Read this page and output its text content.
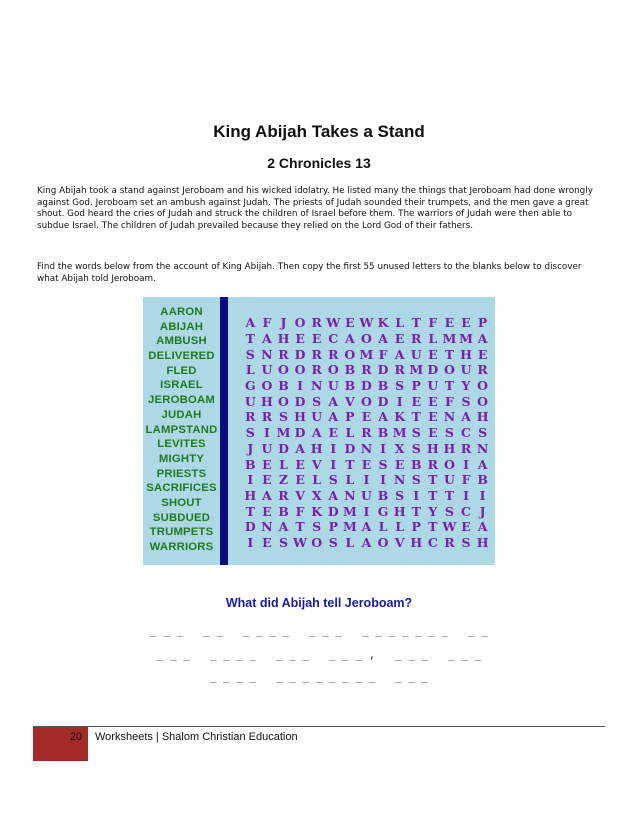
King Abijah Takes a Stand
2 Chronicles 13

King Abijah took a stand against Jeroboam and his wicked idolatry. He listed many the things that Jeroboam had done wrongly against God. Jeroboam set an ambush against Judah. The priests of Judah sounded their trumpets, and the men gave a great shout. God heard the cries of Judah and struck the children of Israel before them. The warriors of Judah were then able to subdue Israel. The children of Judah prevailed because they relied on the Lord God of their fathers.

Find the words below from the account of King Abijah. Then copy the first 55 unused letters to the blanks below to discover what Abijah told Jeroboam.

AARON
ABIJAH
AMBUSH
DELIVERED
FLED
ISRAEL
JEROBOAM
JUDAH
LAMPSTAND
LEVITES
MIGHTY
PRIESTS
SACRIFICES
SHOUT
SUBDUED
TRUMPETS
WARRIORS
A F J O R W E W K L T F E E P
T A H E E C A O A E R L M M A
S N R D R R O M F A U E T H E
L U O O R O B R D R M D O U R
G O B I N U B D B S P U T Y O
U H O D S A V O D I E E F S O
R R S H U A P E A K T E N A H
S I M D A E L R B M S E S C S
J U D A H I D N I X S H H R N
B E L E V I T E S E B R O I A
I E Z E L S L I I N S T U F B
H A R V X A N U B S I T T I I
T E B F K D M I G H T Y S C J
D N A T S P M A L L P T W E A
I E S W O S L A O V H C R S H
What did Abijah tell Jeroboam?
_ _ _   _ _   _ _ _ _   _ _ _   _ _ _ _ _ _ _   _ _
_ _ _   _ _ _ _   _ _ _   _ _ _ ,   _ _ _   _ _ _
_ _ _ _   _ _ _ _ _ _ _ _   _ _ _
20	Worksheets | Shalom Christian Education
